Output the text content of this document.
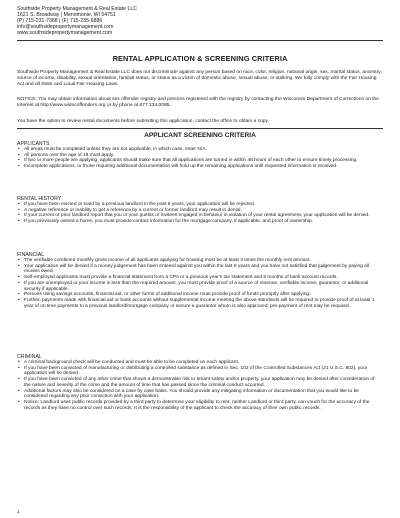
Southside Property Management & Real Estate LLC
1621 S. Broadway | Menomonie, WI 54751
(P) 715-231-7368 | (F) 715-235-6886
info@southsidepropertymanagement.com
www.southsidepropertymanagement.com
RENTAL APPLICATION & SCREENING CRITERIA
Southside Property Management & Real Estate LLC does not discriminate against any person based on race, color, religion, national origin, sex, marital status, ancestry, source of income, disability, sexual orientation, familial status, or status as a victim of domestic abuse, sexual abuse, or stalking. We fully comply with the Fair Housing Act and all State and Local Fair Housing Laws.
NOTICE: You may obtain information about sex offender registry and persons registered with the registry by contacting the Wisconsin Department of Corrections on the Internet at http://www.widocoffenders.org or by phone at 877.234.0085.
You have the option to review rental documents before submitting this application, contact the office to obtain a copy.
APPLICANT SCREENING CRITERIA
APPLICANTS
• All areas must be completed unless they are not applicable, in which case, enter N/A.
• All persons over the age of 18 must apply.
• If two or more people are applying, applicants should make sure that all applications are turned in within 48 hours of each other to ensure timely processing.
• Incomplete applications, or those requiring additional documentation will hold up the remaining applications until requested information is received.
RENTAL HISTORY
• If you have been evicted or sued by a previous landlord in the past 6 years, your application will be rejected.
• A negative reference or inability to get a reference by a current or former landlord may result in denial.
• If your current or prior landlord report that you or your guests or invitees engaged in behavior in violation of your rental agreement, your application will be denied.
• If you previously owned a home, you must provide contact information for the mortgage company, if applicable, and proof of ownership.
FINANCIAL
• The verifiable combined monthly gross income of all applicants applying for housing must be at least 3 times the monthly rent amount.
• Your application will be denied if a money judgement has been entered against you within the last 6 years and you have not satisfied that judgement by paying all monies owed.
• Self-employed applicants must provide a financial statement from a CPA or a previous year's tax statement and 6 months of bank account records.
• If you are unemployed or your income is less than the required amount, you must provide proof of a source of revenue, verifiable income, guarantor, or additional security if applicable.
• Persons using savings accounts, financial aid, or other forms of additional income must provide proof of funds promptly after applying.
• Further, payments made with financial aid or bank accounts without supplemental income meeting the above standards will be required to provide proof of at least 1 year of on time payments to a previous landlord/mortgage company or secure a guarantor whom is also approved; pre-payment of rent may be required.
CRIMINAL
• A criminal background check will be conducted and must be able to be completed on each applicant.
• If you have been convicted of manufacturing or distributing a controlled substance as defined in Sec. 102 of the Controlled Substances Act (21 U.S.C. 802), your application will be denied.
• If you have been convicted of any other crime that shows a demonstrable risk to tenant safety and/or property, your application may be denied after consideration of the nature and severity of the crime and the amount of time that has passed since the criminal conduct occurred.
• Additional factors may also be considered on a case by case basis. You should provide any mitigating information or documentation that you would like to be considered regarding any prior conviction with your application.
• Notice: Landlord uses public records provided by a third party to determine your eligibility to rent, neither Landlord or third party, can vouch for the accuracy of the records as they have no control over such records. It is the responsibility of the applicant to check the accuracy of their own public records.
1
